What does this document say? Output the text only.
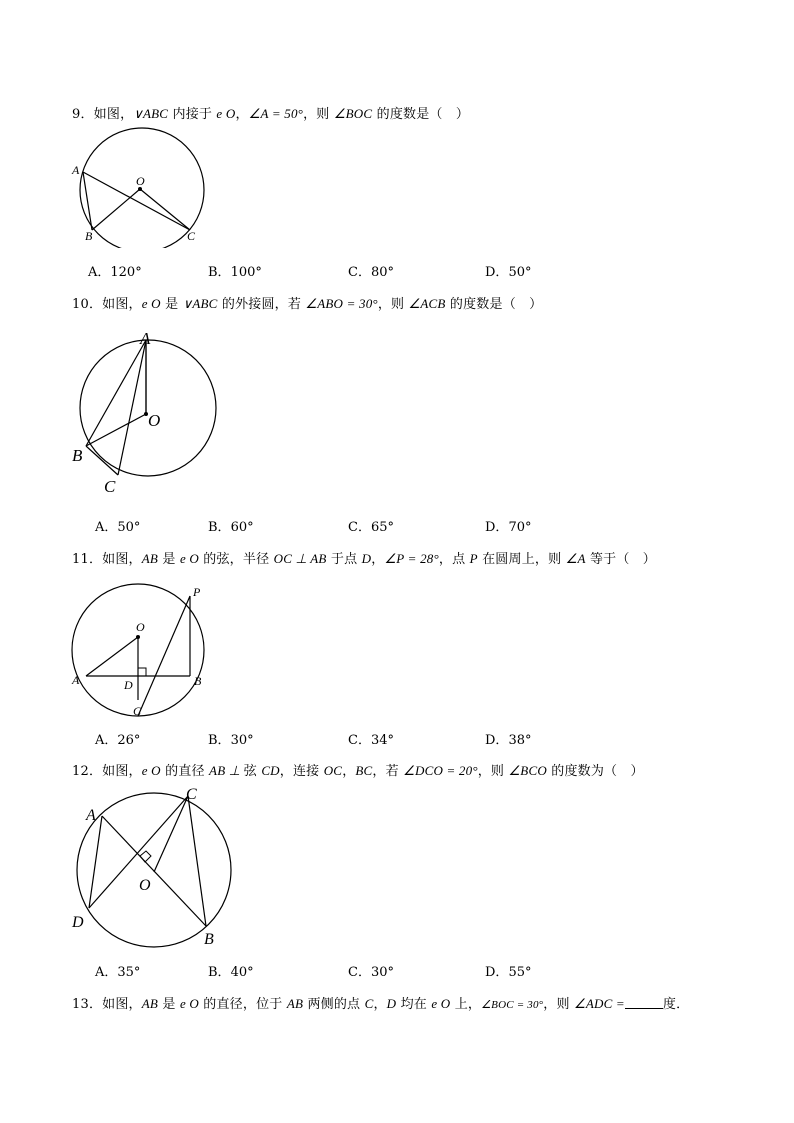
9．如图，∨ABC 内接于 e O，∠A = 50°，则 ∠BOC 的度数是（　）
A
B	C
O
A．120°	B．100°	C．80°	D．50°
10．如图，e O 是 ∨ABC 的外接圆，若 ∠ABO = 30°，则 ∠ACB 的度数是（　）
A
B
C
O
A．50°	B．60°	C．65°	D．70°
11．如图，AB 是 e O 的弦，半径 OC ⊥ AB 于点 D，∠P = 28°，点 P 在圆周上，则 ∠A 等于（　）
O
P
A	B
D
C
A．26°	B．30°	C．34°	D．38°
12．如图，e O 的直径 AB ⊥ 弦 CD，连接 OC，BC，若 ∠DCO = 20°，则 ∠BCO 的度数为（　）
A
C
D
B
O
A．35°	B．40°	C．30°	D．55°
13．如图，AB 是 e O 的直径，位于 AB 两侧的点 C，D 均在 e O 上，∠BOC = 30°，则 ∠ADC =	度．
